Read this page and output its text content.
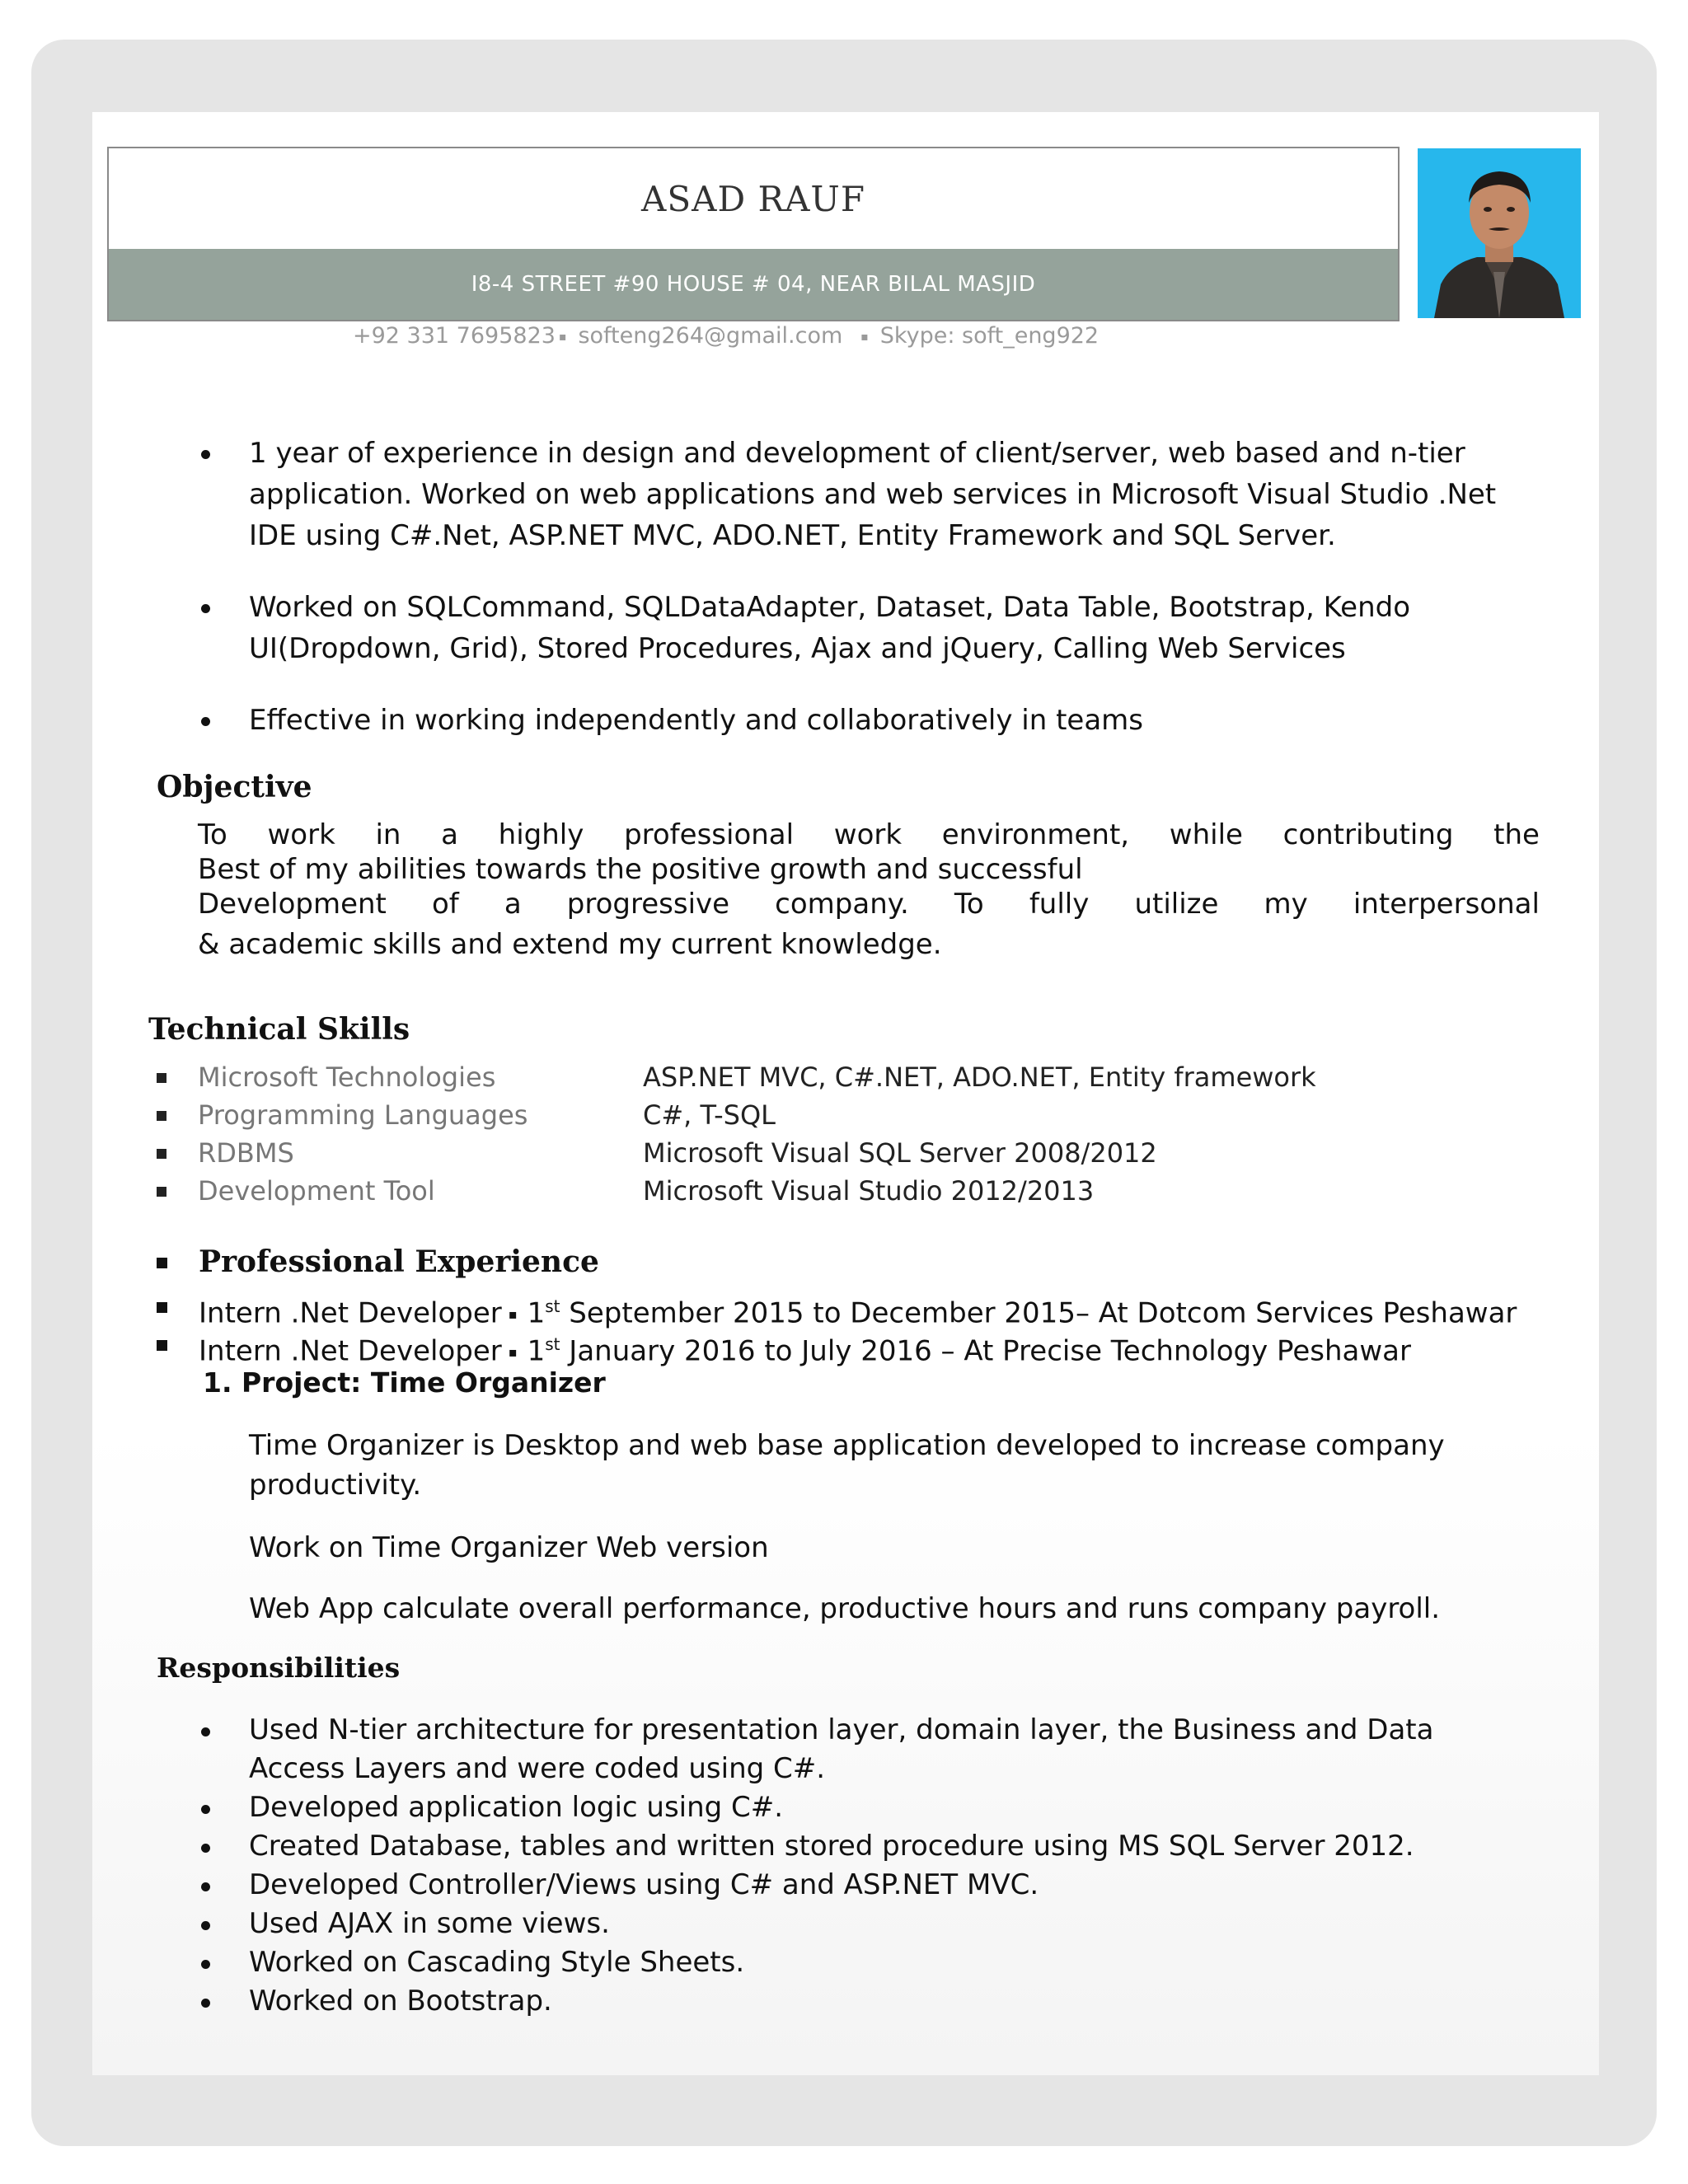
ASAD RAUF
I8-4 STREET #90 HOUSE # 04, NEAR BILAL MASJID
+92 331 7695823 ▪ softeng264@gmail.com ▪ Skype: soft_eng922
1 year of experience in design and development of client/server, web based and n-tier application. Worked on web applications and web services in Microsoft Visual Studio .Net IDE using C#.Net, ASP.NET MVC, ADO.NET, Entity Framework and SQL Server.
Worked on SQLCommand, SQLDataAdapter, Dataset, Data Table, Bootstrap, Kendo UI(Dropdown, Grid), Stored Procedures, Ajax and jQuery, Calling Web Services
Effective in working independently and collaboratively in teams
Objective
To work in a highly professional work environment, while contributing the
Best of my abilities towards the positive growth and successful
Development of a progressive company. To fully utilize my interpersonal
& academic skills and extend my current knowledge.
Technical Skills
Microsoft Technologies	ASP.NET MVC, C#.NET, ADO.NET, Entity framework
Programming Languages	C#, T-SQL
RDBMS	Microsoft Visual SQL Server 2008/2012
Development Tool	Microsoft Visual Studio 2012/2013
Professional Experience
Intern .Net Developer ▪ 1st September 2015 to December 2015– At Dotcom Services Peshawar
Intern .Net Developer ▪ 1st January 2016 to July 2016 – At Precise Technology Peshawar
1. Project: Time Organizer
Time Organizer is Desktop and web base application developed to increase company productivity.
Work on Time Organizer Web version
Web App calculate overall performance, productive hours and runs company payroll.
Responsibilities
Used N-tier architecture for presentation layer, domain layer, the Business and Data Access Layers and were coded using C#.
Developed application logic using C#.
Created Database, tables and written stored procedure using MS SQL Server 2012.
Developed Controller/Views using C# and ASP.NET MVC.
Used AJAX in some views.
Worked on Cascading Style Sheets.
Worked on Bootstrap.
